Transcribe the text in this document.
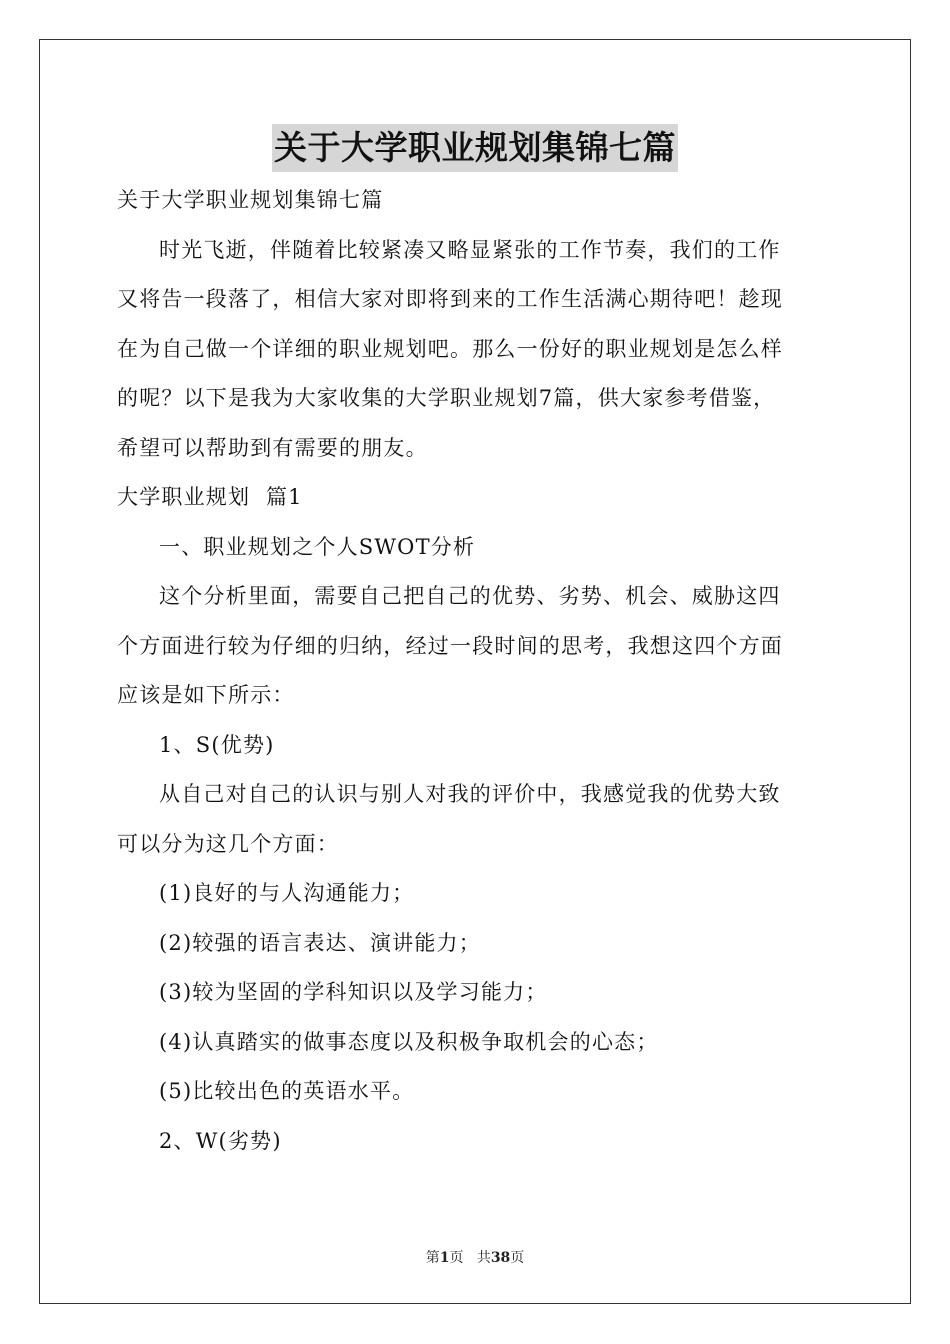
关于大学职业规划集锦七篇

关于大学职业规划集锦七篇

时光飞逝，伴随着比较紧凑又略显紧张的工作节奏，我们的工作

又将告一段落了，相信大家对即将到来的工作生活满心期待吧！趁现

在为自己做一个详细的职业规划吧。那么一份好的职业规划是怎么样

的呢？以下是我为大家收集的大学职业规划7篇，供大家参考借鉴，

希望可以帮助到有需要的朋友。

大学职业规划  篇1

一、职业规划之个人SWOT分析

这个分析里面，需要自己把自己的优势、劣势、机会、威胁这四

个方面进行较为仔细的归纳，经过一段时间的思考，我想这四个方面

应该是如下所示：

1、S(优势)

从自己对自己的认识与别人对我的评价中，我感觉我的优势大致

可以分为这几个方面：

(1)良好的与人沟通能力；

(2)较强的语言表达、演讲能力；

(3)较为坚固的学科知识以及学习能力；

(4)认真踏实的做事态度以及积极争取机会的心态；

(5)比较出色的英语水平。

2、W(劣势)

第1页 共38页
